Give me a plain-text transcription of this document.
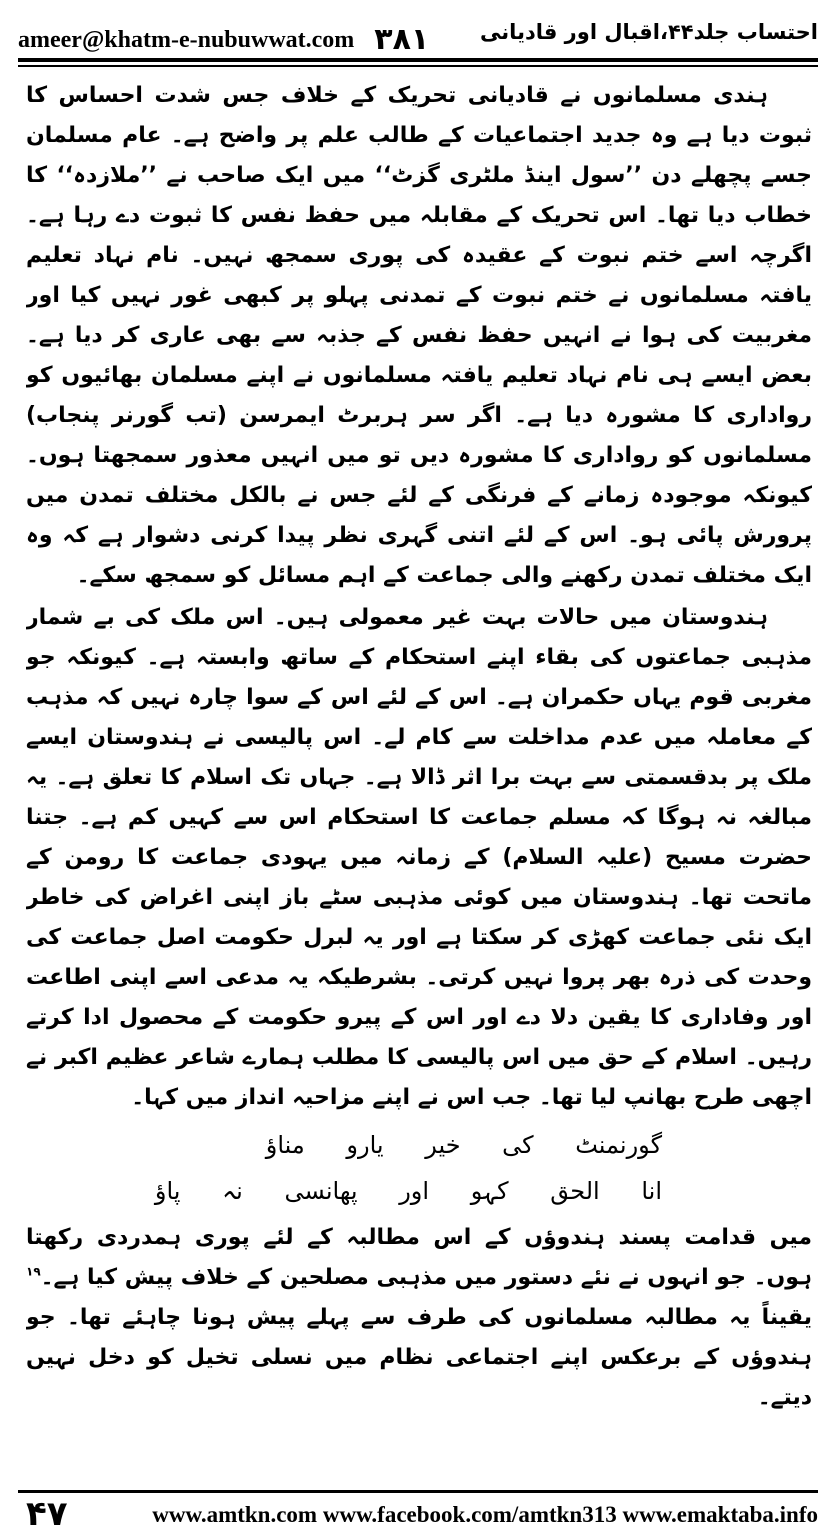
ameer@khatm-e-nubuwwat.com ۳۸۱ احتساب جلد۴۴،اقبال اور قادیانی

ہندی مسلمانوں نے قادیانی تحریک کے خلاف جس شدت احساس کا ثبوت دیا ہے وہ جدید اجتماعیات کے طالب علم پر واضح ہے۔ عام مسلمان جسے پچھلے دن ’’سول اینڈ ملٹری گزٹ‘‘ میں ایک صاحب نے ’’ملازدہ‘‘ کا خطاب دیا تھا۔ اس تحریک کے مقابلہ میں حفظ نفس کا ثبوت دے رہا ہے۔ اگرچہ اسے ختم نبوت کے عقیدہ کی پوری سمجھ نہیں۔ نام نہاد تعلیم یافتہ مسلمانوں نے ختم نبوت کے تمدنی پہلو پر کبھی غور نہیں کیا اور مغربیت کی ہوا نے انہیں حفظ نفس کے جذبہ سے بھی عاری کر دیا ہے۔ بعض ایسے ہی نام نہاد تعلیم یافتہ مسلمانوں نے اپنے مسلمان بھائیوں کو رواداری کا مشورہ دیا ہے۔ اگر سر ہربرٹ ایمرسن (تب گورنر پنجاب) مسلمانوں کو رواداری کا مشورہ دیں تو میں انہیں معذور سمجھتا ہوں۔ کیونکہ موجودہ زمانے کے فرنگی کے لئے جس نے بالکل مختلف تمدن میں پرورش پائی ہو۔ اس کے لئے اتنی گہری نظر پیدا کرنی دشوار ہے کہ وہ ایک مختلف تمدن رکھنے والی جماعت کے اہم مسائل کو سمجھ سکے۔

ہندوستان میں حالات بہت غیر معمولی ہیں۔ اس ملک کی بے شمار مذہبی جماعتوں کی بقاء اپنے استحکام کے ساتھ وابستہ ہے۔ کیونکہ جو مغربی قوم یہاں حکمران ہے۔ اس کے لئے اس کے سوا چارہ نہیں کہ مذہب کے معاملہ میں عدم مداخلت سے کام لے۔ اس پالیسی نے ہندوستان ایسے ملک پر بدقسمتی سے بہت برا اثر ڈالا ہے۔ جہاں تک اسلام کا تعلق ہے۔ یہ مبالغہ نہ ہوگا کہ مسلم جماعت کا استحکام اس سے کہیں کم ہے۔ جتنا حضرت مسیح (علیہ السلام) کے زمانہ میں یہودی جماعت کا رومن کے ماتحت تھا۔ ہندوستان میں کوئی مذہبی سٹے باز اپنی اغراض کی خاطر ایک نئی جماعت کھڑی کر سکتا ہے اور یہ لبرل حکومت اصل جماعت کی وحدت کی ذرہ بھر پروا نہیں کرتی۔ بشرطیکہ یہ مدعی اسے اپنی اطاعت اور وفاداری کا یقین دلا دے اور اس کے پیرو حکومت کے محصول ادا کرتے رہیں۔ اسلام کے حق میں اس پالیسی کا مطلب ہمارے شاعر عظیم اکبر نے اچھی طرح بھانپ لیا تھا۔ جب اس نے اپنے مزاحیہ انداز میں کہا۔

گورنمنٹ کی خیر یارو مناؤ
انا الحق کہو اور پھانسی نہ پاؤ

میں قدامت پسند ہندوؤں کے اس مطالبہ کے لئے پوری ہمدردی رکھتا ہوں۔ جو انہوں نے نئے دستور میں مذہبی مصلحین کے خلاف پیش کیا ہے۔$^{۱۹}$ یقیناً یہ مطالبہ مسلمانوں کی طرف سے پہلے پیش ہونا چاہئے تھا۔ جو ہندوؤں کے برعکس اپنے اجتماعی نظام میں نسلی تخیل کو دخل نہیں دیتے۔

۴۷	www.amtkn.com www.facebook.com/amtkn313 www.emaktaba.info
